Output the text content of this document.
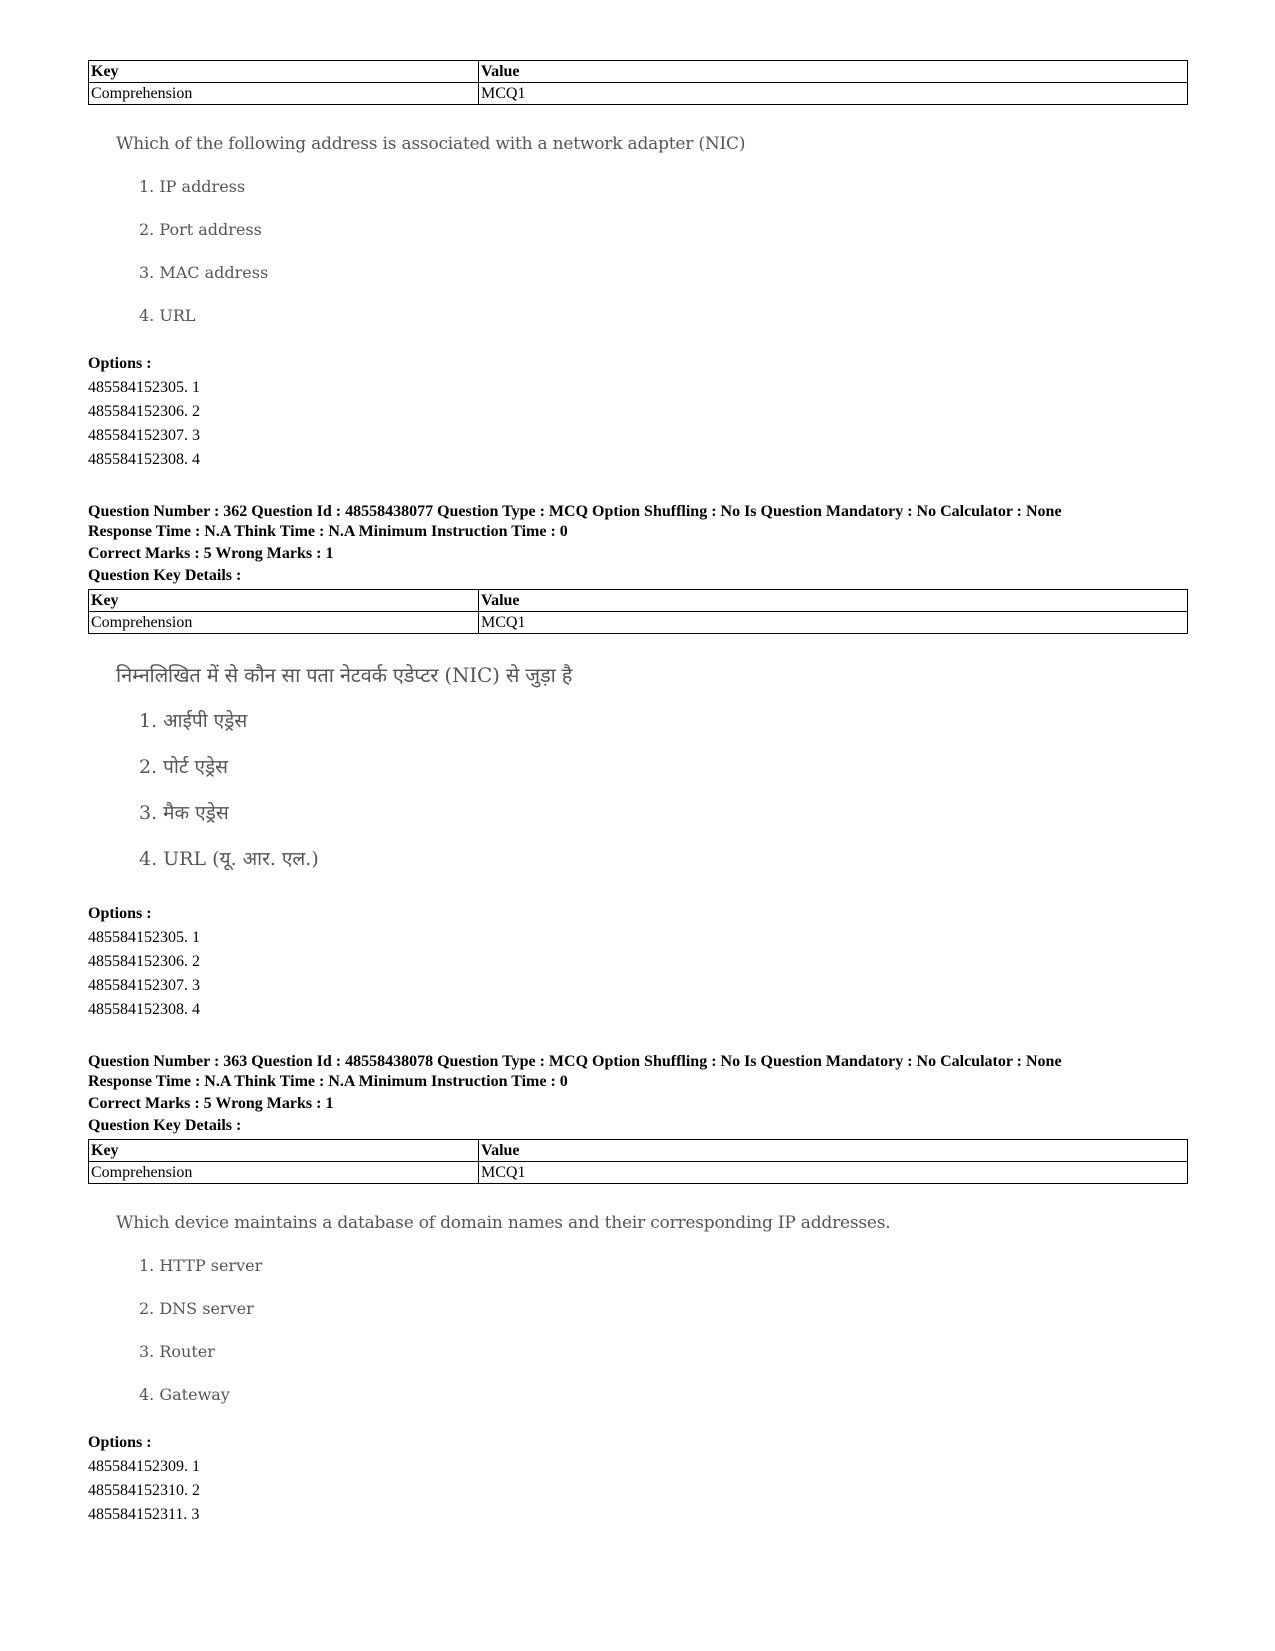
Key	Value
Comprehension	MCQ1

Which of the following address is associated with a network adapter (NIC)

1. IP address

2. Port address

3. MAC address

4. URL

Options :

485584152305. 1

485584152306. 2

485584152307. 3

485584152308. 4

Question Number : 362 Question Id : 48558438077 Question Type : MCQ Option Shuffling : No Is Question Mandatory : No Calculator : None

Response Time : N.A Think Time : N.A Minimum Instruction Time : 0

Correct Marks : 5 Wrong Marks : 1

Question Key Details :

Key	Value
Comprehension	MCQ1

निम्नलिखित में से कौन सा पता नेटवर्क एडेप्टर (NIC) से जुड़ा है

1. आईपी एड्रेस

2. पोर्ट एड्रेस

3. मैक एड्रेस

4. URL (यू. आर. एल.)

Options :

485584152305. 1

485584152306. 2

485584152307. 3

485584152308. 4

Question Number : 363 Question Id : 48558438078 Question Type : MCQ Option Shuffling : No Is Question Mandatory : No Calculator : None

Response Time : N.A Think Time : N.A Minimum Instruction Time : 0

Correct Marks : 5 Wrong Marks : 1

Question Key Details :

Key	Value
Comprehension	MCQ1

Which device maintains a database of domain names and their corresponding IP addresses.

1. HTTP server

2. DNS server

3. Router

4. Gateway

Options :

485584152309. 1

485584152310. 2

485584152311. 3
